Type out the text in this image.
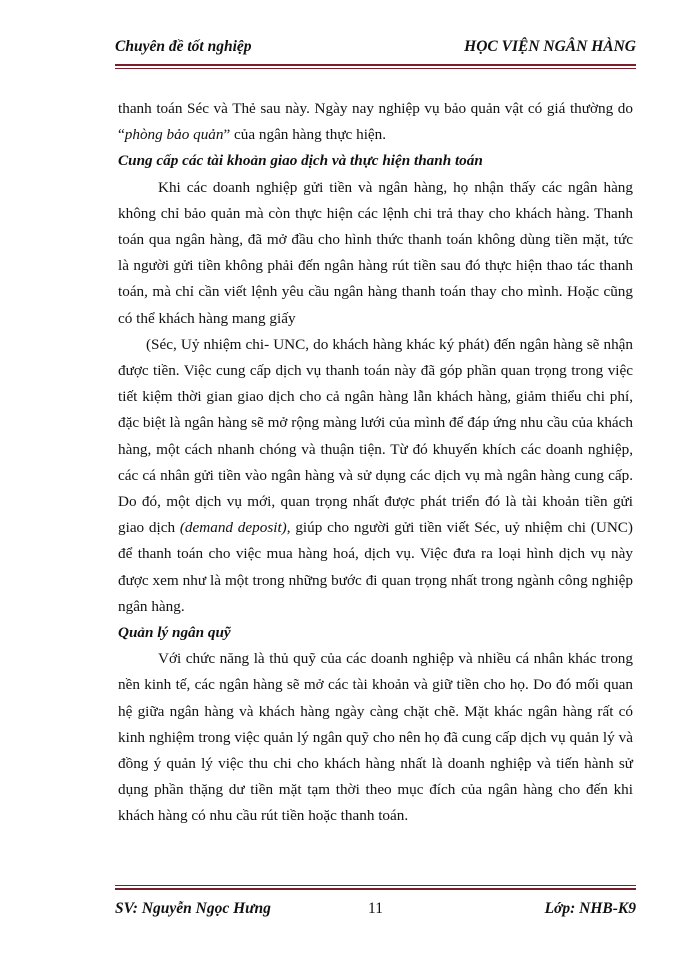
Chuyên đề tốt nghiệp	HỌC VIỆN NGÂN HÀNG

thanh toán Séc và Thẻ sau này. Ngày nay nghiệp vụ bảo quản vật có giá thường do “phòng bảo quản” của ngân hàng thực hiện.

Cung cấp các tài khoản giao dịch và thực hiện thanh toán

Khi các doanh nghiệp gửi tiền và ngân hàng, họ nhận thấy các ngân hàng không chỉ bảo quản mà còn thực hiện các lệnh chi trả thay cho khách hàng. Thanh toán qua ngân hàng, đã mở đầu cho hình thức thanh toán không dùng tiền mặt, tức là người gửi tiền không phải đến ngân hàng rút tiền sau đó thực hiện thao tác thanh toán, mà chỉ cần viết lệnh yêu cầu ngân hàng thanh toán thay cho mình. Hoặc cũng có thể khách hàng mang giấy

(Séc, Uỷ nhiệm chi- UNC, do khách hàng khác ký phát) đến ngân hàng sẽ nhận được tiền. Việc cung cấp dịch vụ thanh toán này đã góp phần quan trọng trong việc tiết kiệm thời gian giao dịch cho cả ngân hàng lẫn khách hàng, giảm thiểu chi phí, đặc biệt là ngân hàng sẽ mở rộng màng lưới của mình để đáp ứng nhu cầu của khách hàng, một cách nhanh chóng và thuận tiện. Từ đó khuyến khích các doanh nghiệp, các cá nhân gửi tiền vào ngân hàng và sử dụng các dịch vụ mà ngân hàng cung cấp. Do đó, một dịch vụ mới, quan trọng nhất được phát triển đó là tài khoản tiền gửi giao dịch (demand deposit), giúp cho người gửi tiền viết Séc, uỷ nhiệm chi (UNC) để thanh toán cho việc mua hàng hoá, dịch vụ. Việc đưa ra loại hình dịch vụ này được xem như là một trong những bước đi quan trọng nhất trong ngành công nghiệp ngân hàng.

Quản lý ngân quỹ

Với chức năng là thủ quỹ của các doanh nghiệp và nhiều cá nhân khác trong nền kinh tế, các ngân hàng sẽ mở các tài khoản và giữ tiền cho họ. Do đó mối quan hệ giữa ngân hàng và khách hàng ngày càng chặt chẽ. Mặt khác ngân hàng rất có kinh nghiệm trong việc quản lý ngân quỹ cho nên họ đã cung cấp dịch vụ quản lý và đồng ý quản lý việc thu chi cho khách hàng nhất là doanh nghiệp và tiến hành sử dụng phần thặng dư tiền mặt tạm thời theo mục đích của ngân hàng cho đến khi khách hàng có nhu cầu rút tiền hoặc thanh toán.

SV: Nguyễn Ngọc Hưng	11	Lớp: NHB-K9
